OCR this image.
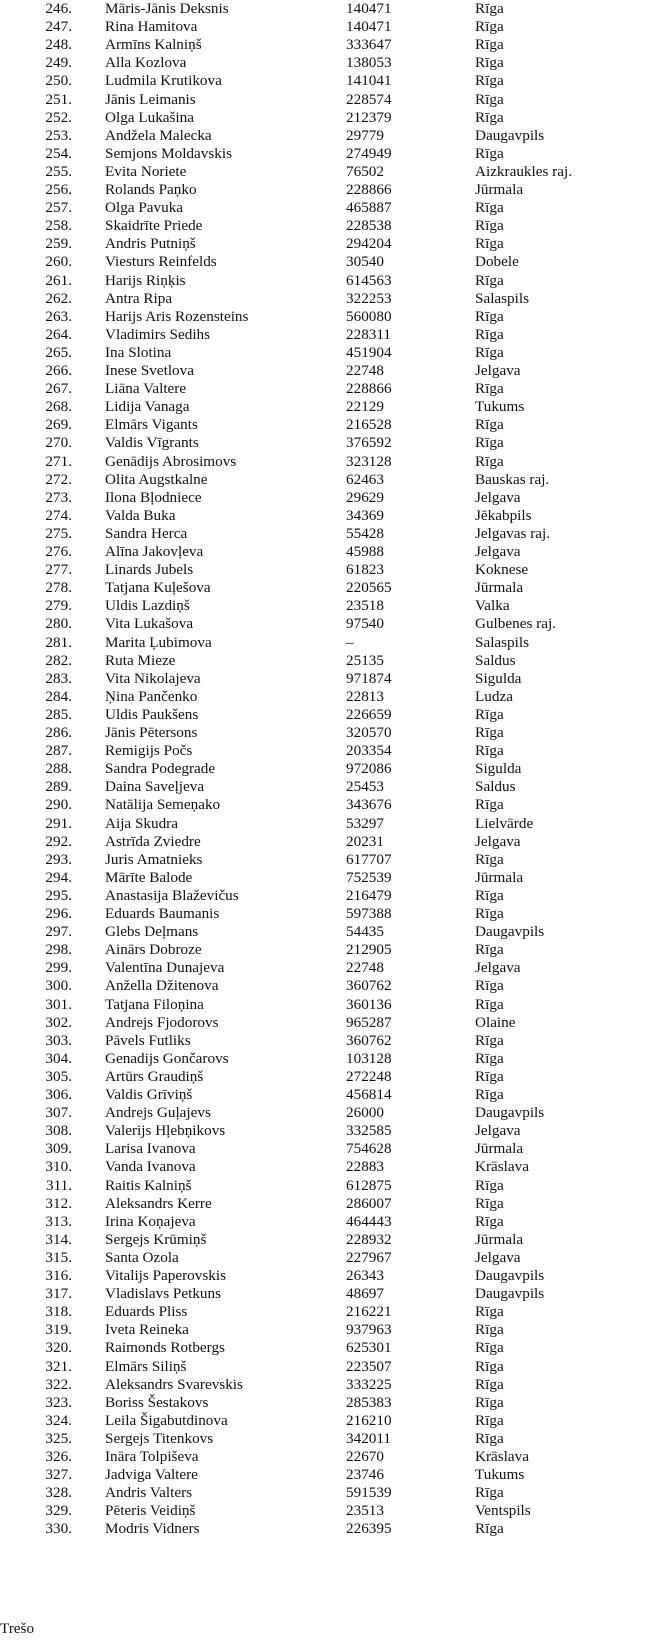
246. Māris-Jānis Deksnis	140471	Rīga
247. Rina Hamitova	140471	Rīga
248. Armīns Kalniņš	333647	Rīga
249. Alla Kozlova	138053	Rīga
250. Ludmila Krutikova	141041	Rīga
251. Jānis Leimanis	228574	Rīga
252. Olga Lukašina	212379	Rīga
253. Andžela Malecka	29779	Daugavpils
254. Semjons Moldavskis	274949	Rīga
255. Evita Noriete	76502	Aizkraukles raj.
256. Rolands Paņko	228866	Jūrmala
257. Olga Pavuka	465887	Rīga
258. Skaidrīte Priede	228538	Rīga
259. Andris Putniņš	294204	Rīga
260. Viesturs Reinfelds	30540	Dobele
261. Harijs Riņķis	614563	Rīga
262. Antra Ripa	322253	Salaspils
263. Harijs Aris Rozensteins	560080	Rīga
264. Vladimirs Sedihs	228311	Rīga
265. Ina Slotina	451904	Rīga
266. Inese Svetlova	22748	Jelgava
267. Liāna Valtere	228866	Rīga
268. Lidija Vanaga	22129	Tukums
269. Elmārs Vigants	216528	Rīga
270. Valdis Vīgrants	376592	Rīga
271. Genādijs Abrosimovs	323128	Rīga
272. Olita Augstkalne	62463	Bauskas raj.
273. Ilona Bļodniece	29629	Jelgava
274. Valda Buka	34369	Jēkabpils
275. Sandra Herca	55428	Jelgavas raj.
276. Alīna Jakovļeva	45988	Jelgava
277. Linards Jubels	61823	Koknese
278. Tatjana Kuļešova	220565	Jūrmala
279. Uldis Lazdiņš	23518	Valka
280. Vita Lukašova	97540	Gulbenes raj.
281. Marita Ļubimova	–	Salaspils
282. Ruta Mieze	25135	Saldus
283. Vita Nikolajeva	971874	Sigulda
284. Ņina Pančenko	22813	Ludza
285. Uldis Paukšens	226659	Rīga
286. Jānis Pētersons	320570	Rīga
287. Remigijs Počs	203354	Rīga
288. Sandra Podegrade	972086	Sigulda
289. Daina Saveļjeva	25453	Saldus
290. Natālija Semeņako	343676	Rīga
291. Aija Skudra	53297	Lielvārde
292. Astrīda Zviedre	20231	Jelgava
293. Juris Amatnieks	617707	Rīga
294. Mārīte Balode	752539	Jūrmala
295. Anastasija Blaževičus	216479	Rīga
296. Eduards Baumanis	597388	Rīga
297. Glebs Deļmans	54435	Daugavpils
298. Ainārs Dobroze	212905	Rīga
299. Valentīna Dunajeva	22748	Jelgava
300. Anžella Džitenova	360762	Rīga
301. Tatjana Filoņina	360136	Rīga
302. Andrejs Fjodorovs	965287	Olaine
303. Pāvels Futliks	360762	Rīga
304. Genadijs Gončarovs	103128	Rīga
305. Artūrs Graudiņš	272248	Rīga
306. Valdis Grīviņš	456814	Rīga
307. Andrejs Guļajevs	26000	Daugavpils
308. Valerijs Hļebņikovs	332585	Jelgava
309. Larisa Ivanova	754628	Jūrmala
310. Vanda Ivanova	22883	Krāslava
311. Raitis Kalniņš	612875	Rīga
312. Aleksandrs Kerre	286007	Rīga
313. Irina Koņajeva	464443	Rīga
314. Sergejs Krūmiņš	228932	Jūrmala
315. Santa Ozola	227967	Jelgava
316. Vitalijs Paperovskis	26343	Daugavpils
317. Vladislavs Petkuns	48697	Daugavpils
318. Eduards Pliss	216221	Rīga
319. Iveta Reineka	937963	Rīga
320. Raimonds Rotbergs	625301	Rīga
321. Elmārs Siliņš	223507	Rīga
322. Aleksandrs Svarevskis	333225	Rīga
323. Boriss Šestakovs	285383	Rīga
324. Leila Šigabutdinova	216210	Rīga
325. Sergejs Titenkovs	342011	Rīga
326. Ināra Tolpiševa	22670	Krāslava
327. Jadviga Valtere	23746	Tukums
328. Andris Valters	591539	Rīga
329. Pēteris Veidiņš	23513	Ventspils
330. Modris Vidners	226395	Rīga
Trešo
